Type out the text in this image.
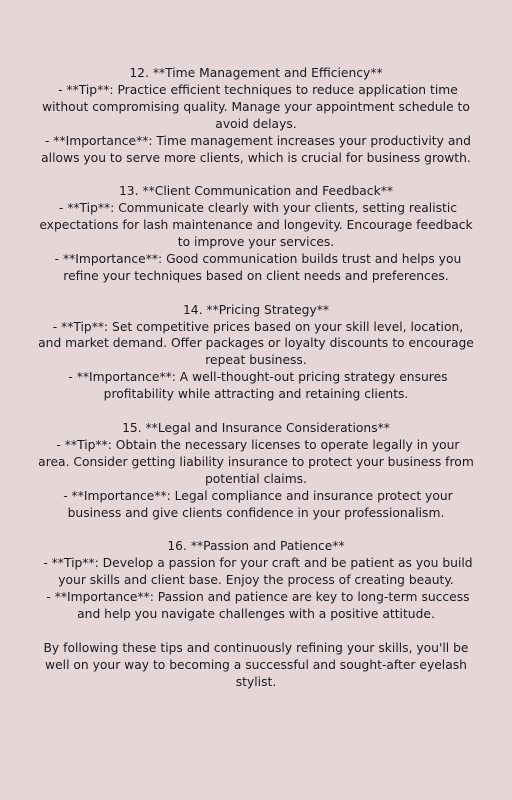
12. **Time Management and Efficiency**
- **Tip**: Practice efficient techniques to reduce application time without compromising quality. Manage your appointment schedule to avoid delays.
- **Importance**: Time management increases your productivity and allows you to serve more clients, which is crucial for business growth.
13. **Client Communication and Feedback**
- **Tip**: Communicate clearly with your clients, setting realistic expectations for lash maintenance and longevity. Encourage feedback to improve your services.
- **Importance**: Good communication builds trust and helps you refine your techniques based on client needs and preferences.
14. **Pricing Strategy**
- **Tip**: Set competitive prices based on your skill level, location, and market demand. Offer packages or loyalty discounts to encourage repeat business.
- **Importance**: A well-thought-out pricing strategy ensures profitability while attracting and retaining clients.
15. **Legal and Insurance Considerations**
- **Tip**: Obtain the necessary licenses to operate legally in your area. Consider getting liability insurance to protect your business from potential claims.
- **Importance**: Legal compliance and insurance protect your business and give clients confidence in your professionalism.
16. **Passion and Patience**
- **Tip**: Develop a passion for your craft and be patient as you build your skills and client base. Enjoy the process of creating beauty.
- **Importance**: Passion and patience are key to long-term success and help you navigate challenges with a positive attitude.
By following these tips and continuously refining your skills, you'll be well on your way to becoming a successful and sought-after eyelash stylist.
